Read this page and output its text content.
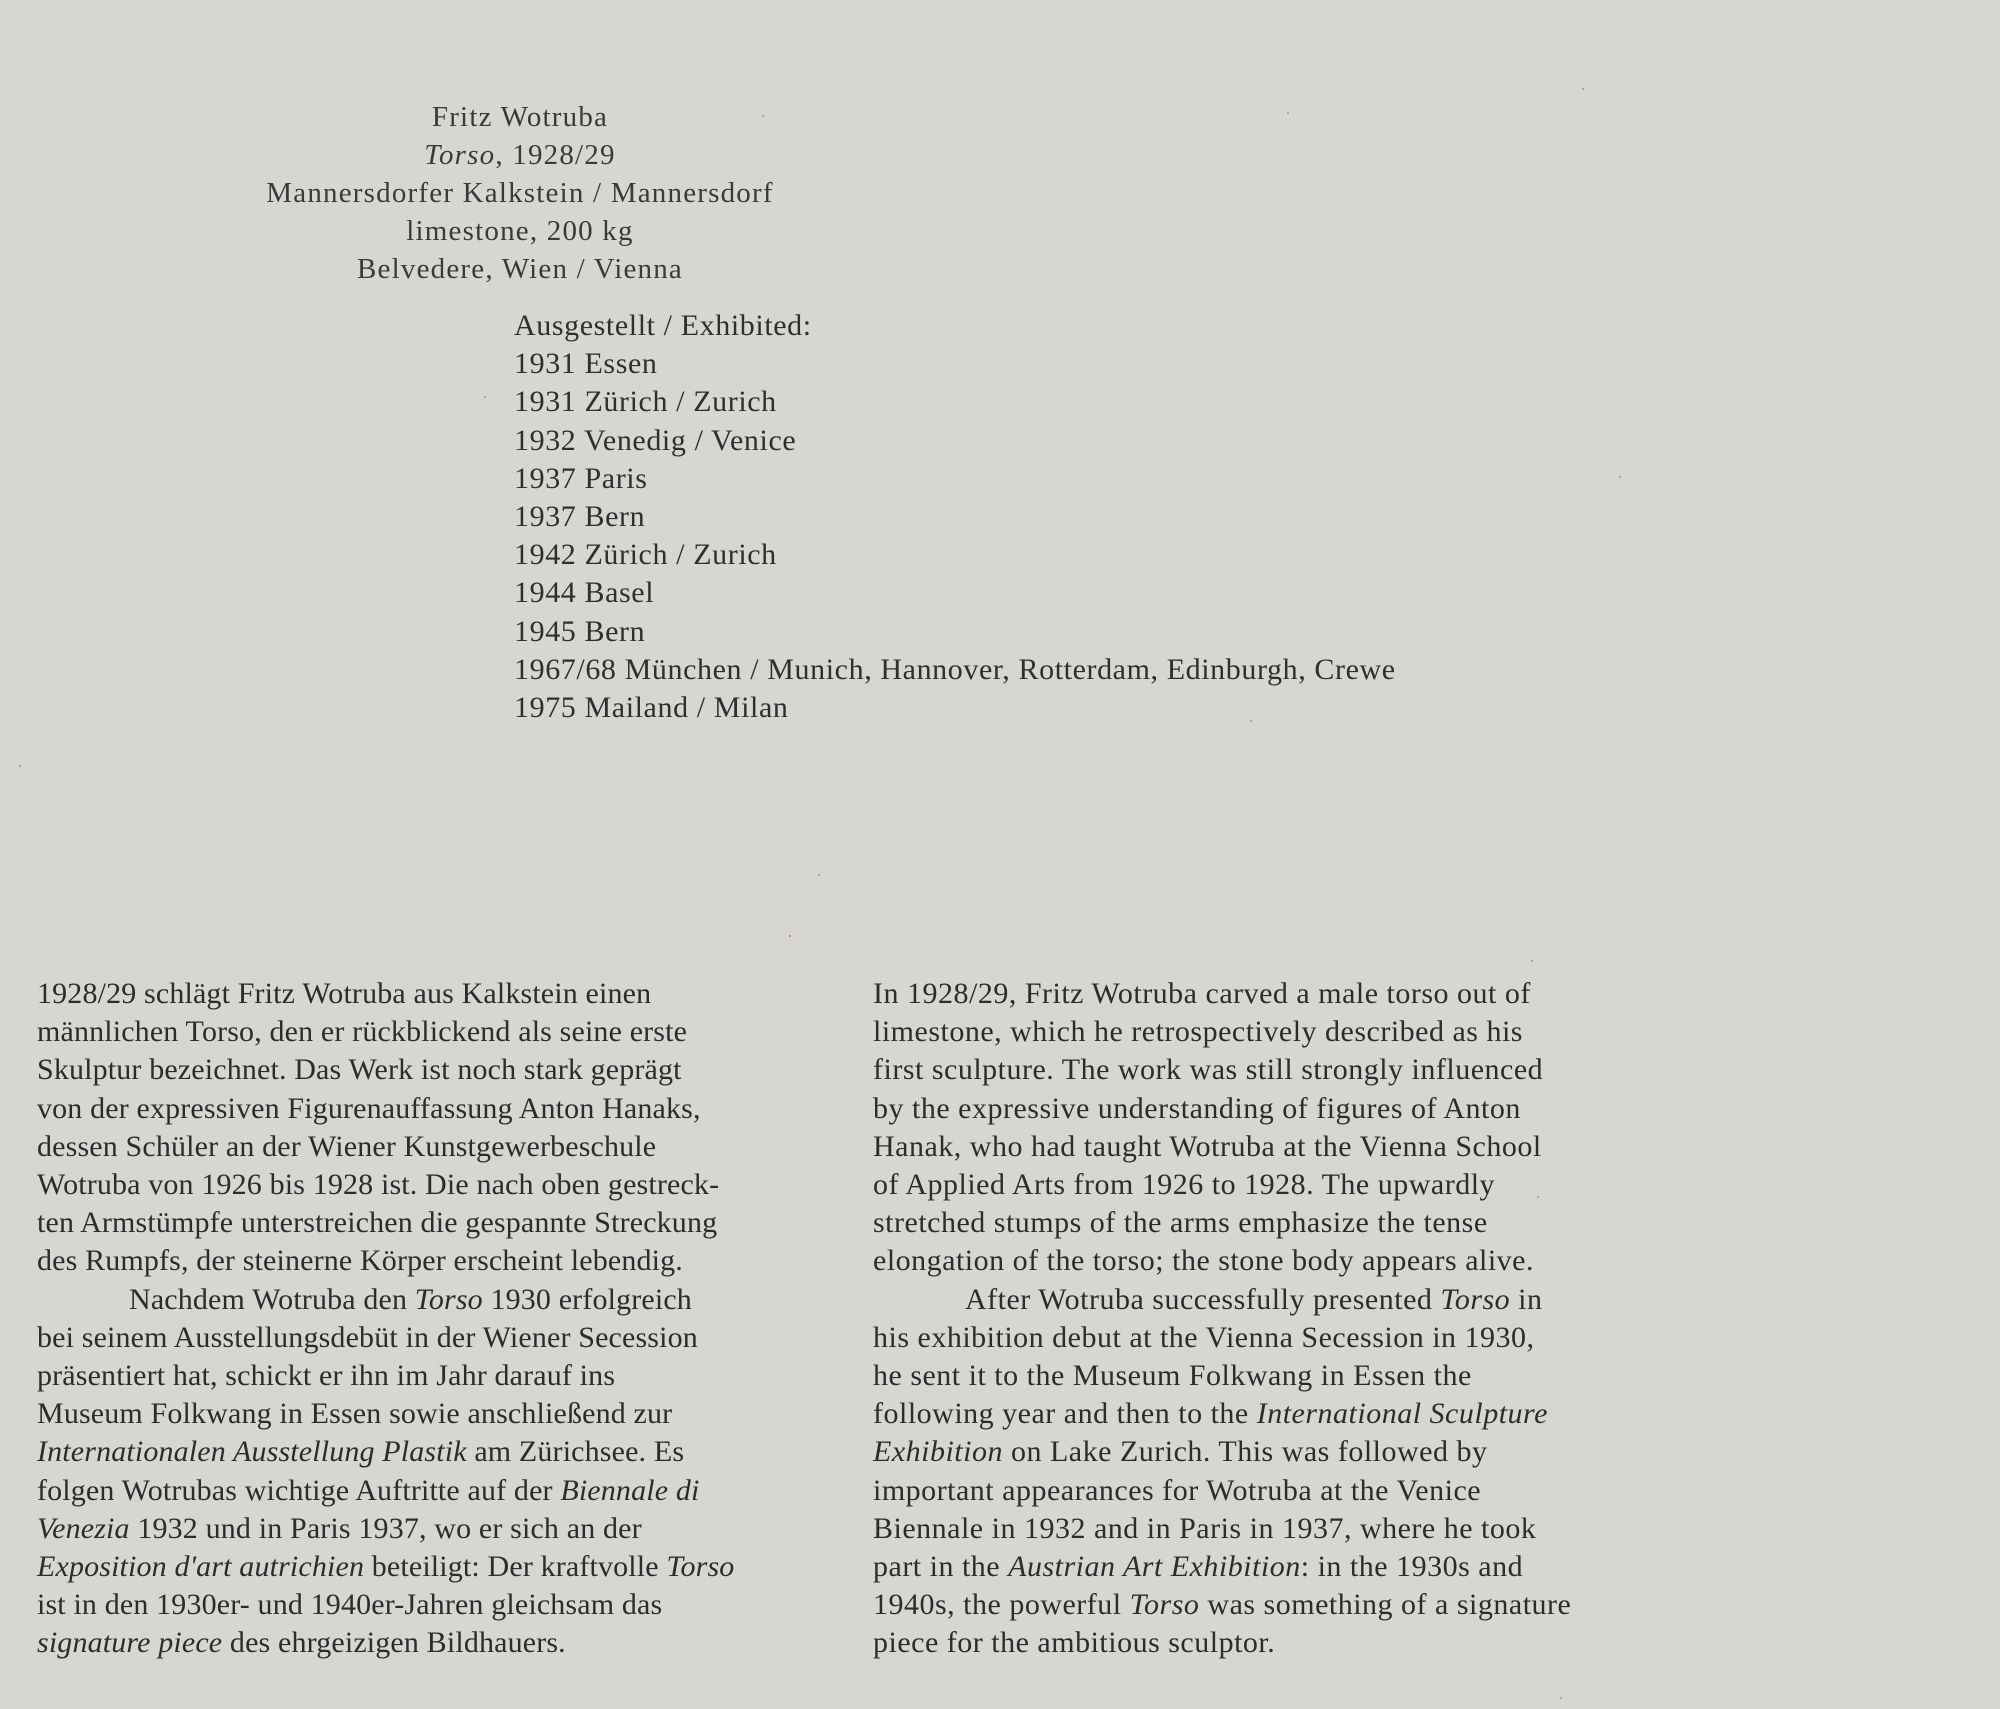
Fritz Wotruba
Torso, 1928/29
Mannersdorfer Kalkstein / Mannersdorf
limestone, 200 kg
Belvedere, Wien / Vienna
Ausgestellt / Exhibited:
1931 Essen
1931 Zürich / Zurich
1932 Venedig / Venice
1937 Paris
1937 Bern
1942 Zürich / Zurich
1944 Basel
1945 Bern
1967/68 München / Munich, Hannover, Rotterdam, Edinburgh, Crewe
1975 Mailand / Milan
1928/29 schlägt Fritz Wotruba aus Kalkstein einen
männlichen Torso, den er rückblickend als seine erste
Skulptur bezeichnet. Das Werk ist noch stark geprägt
von der expressiven Figurenauffassung Anton Hanaks,
dessen Schüler an der Wiener Kunstgewerbeschule
Wotruba von 1926 bis 1928 ist. Die nach oben gestreck-
ten Armstümpfe unterstreichen die gespannte Streckung
des Rumpfs, der steinerne Körper erscheint lebendig.
Nachdem Wotruba den Torso 1930 erfolgreich
bei seinem Ausstellungsdebüt in der Wiener Secession
präsentiert hat, schickt er ihn im Jahr darauf ins
Museum Folkwang in Essen sowie anschließend zur
Internationalen Ausstellung Plastik am Zürichsee. Es
folgen Wotrubas wichtige Auftritte auf der Biennale di
Venezia 1932 und in Paris 1937, wo er sich an der
Exposition d'art autrichien beteiligt: Der kraftvolle Torso
ist in den 1930er- und 1940er-Jahren gleichsam das
signature piece des ehrgeizigen Bildhauers.
In 1928/29, Fritz Wotruba carved a male torso out of
limestone, which he retrospectively described as his
first sculpture. The work was still strongly influenced
by the expressive understanding of figures of Anton
Hanak, who had taught Wotruba at the Vienna School
of Applied Arts from 1926 to 1928. The upwardly
stretched stumps of the arms emphasize the tense
elongation of the torso; the stone body appears alive.
After Wotruba successfully presented Torso in
his exhibition debut at the Vienna Secession in 1930,
he sent it to the Museum Folkwang in Essen the
following year and then to the International Sculpture
Exhibition on Lake Zurich. This was followed by
important appearances for Wotruba at the Venice
Biennale in 1932 and in Paris in 1937, where he took
part in the Austrian Art Exhibition: in the 1930s and
1940s, the powerful Torso was something of a signature
piece for the ambitious sculptor.
